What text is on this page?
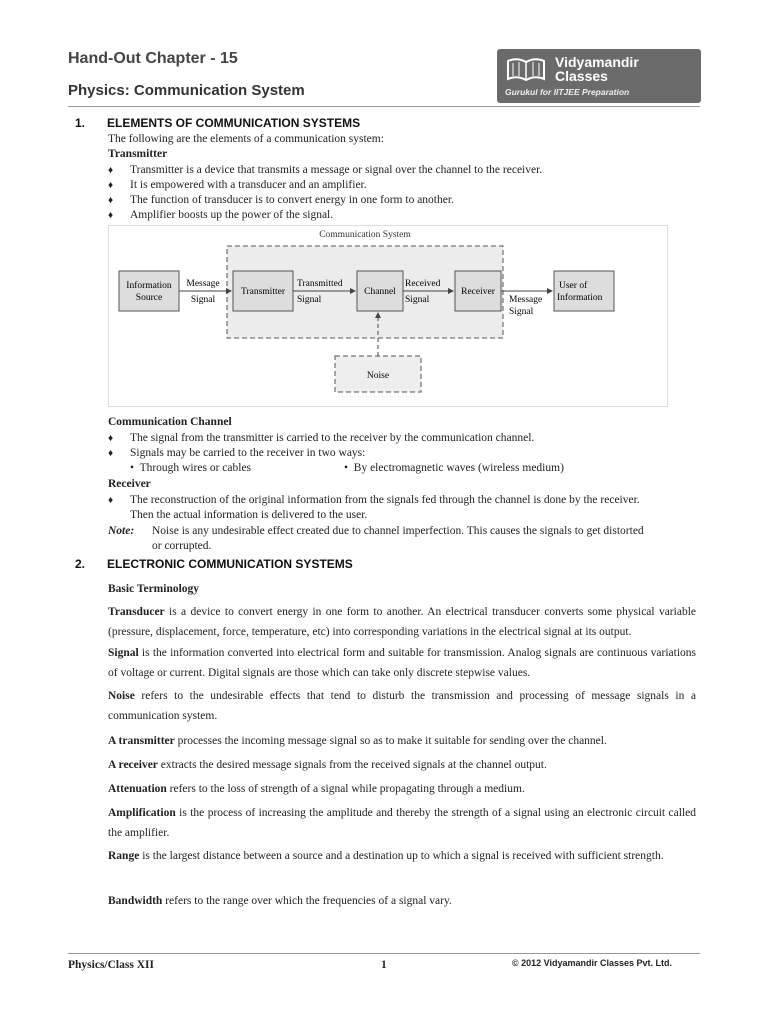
Hand-Out Chapter - 15
Physics: Communication System
Vidyamandir
Classes
Gurukul for IITJEE Preparation
1. ELEMENTS OF COMMUNICATION SYSTEMS
The following are the elements of a communication system:
Transmitter
♦ Transmitter is a device that transmits a message or signal over the channel to the receiver.
♦ It is empowered with a transducer and an amplifier.
♦ The function of transducer is to convert energy in one form to another.
♦ Amplifier boosts up the power of the signal.
Communication System
Information
Source
Message
Signal
Transmitter
Transmitted
Signal
Channel
Received
Signal
Receiver
Message
Signal
User of
Information
Noise
Communication Channel
♦ The signal from the transmitter is carried to the receiver by the communication channel.
♦ Signals may be carried to the receiver in two ways:
•  Through wires or cables	•  By electromagnetic waves (wireless medium)
Receiver
♦ The reconstruction of the original information from the signals fed through the channel is done by the receiver.
Then the actual information is delivered to the user.
Note: Noise is any undesirable effect created due to channel imperfection. This causes the signals to get distorted
or corrupted.
2. ELECTRONIC COMMUNICATION SYSTEMS
Basic Terminology
Transducer is a device to convert energy in one form to another. An electrical transducer converts some physical variable (pressure, displacement, force, temperature, etc) into corresponding variations in the electrical signal at its output.
Signal is the information converted into electrical form and suitable for transmission. Analog signals are continuous variations of voltage or current. Digital signals are those which can take only discrete stepwise values.
Noise refers to the undesirable effects that tend to disturb the transmission and processing of message signals in a communication system.
A transmitter processes the incoming message signal so as to make it suitable for sending over the channel.
A receiver extracts the desired message signals from the received signals at the channel output.
Attenuation refers to the loss of strength of a signal while propagating through a medium.
Amplification is the process of increasing the amplitude and thereby the strength of a signal using an electronic circuit called the amplifier.
Range is the largest distance between a source and a destination up to which a signal is received with sufficient strength.
Bandwidth refers to the range over which the frequencies of a signal vary.
Physics/Class XII	1	© 2012 Vidyamandir Classes Pvt. Ltd.
